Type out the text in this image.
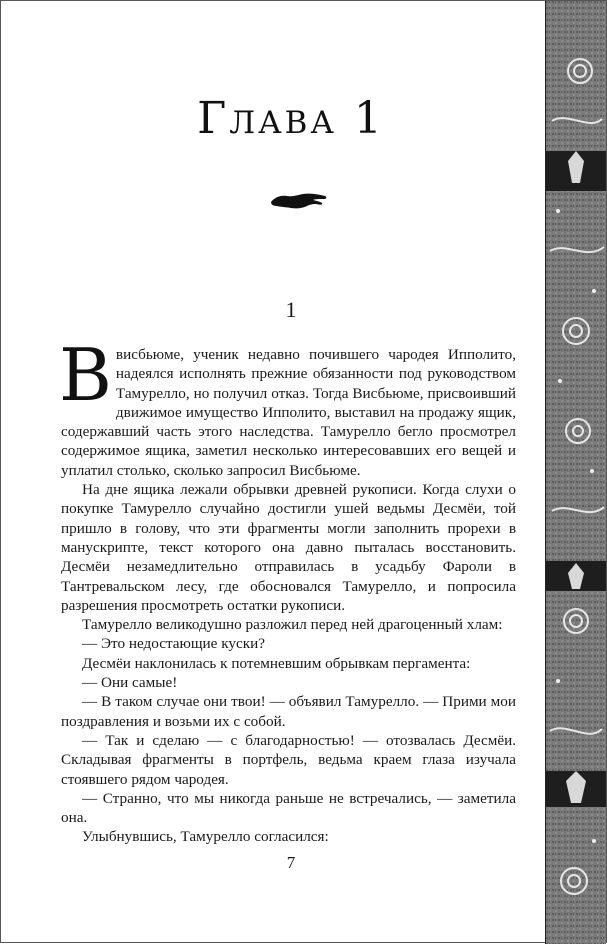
Глава 1
1

Ввисбьюме, ученик недавно почившего чародея Ипполито, надеялся исполнять прежние обязанности под руководством Тамурелло, но получил отказ. Тогда Висбьюме, присвоивший движимое имущество Ипполито, выставил на продажу ящик, содержавший часть этого наследства. Тамурелло бегло просмотрел содержимое ящика, заметил несколько интересовавших его вещей и уплатил столько, сколько запросил Висбьюме.

На дне ящика лежали обрывки древней рукописи. Когда слухи о покупке Тамурелло случайно достигли ушей ведьмы Десмёи, той пришло в голову, что эти фрагменты могли заполнить прорехи в манускрипте, текст которого она давно пыталась восстановить. Десмёи незамедлительно отправилась в усадьбу Фароли в Тантревальском лесу, где обосновался Тамурелло, и попросила разрешения просмотреть остатки рукописи.

Тамурелло великодушно разложил перед ней драгоценный хлам:

— Это недостающие куски?

Десмёи наклонилась к потемневшим обрывкам пергамента:

— Они самые!

— В таком случае они твои! — объявил Тамурелло. — Прими мои поздравления и возьми их с собой.

— Так и сделаю — с благодарностью! — отозвалась Десмёи. Складывая фрагменты в портфель, ведьма краем глаза изучала стоявшего рядом чародея.

— Странно, что мы никогда раньше не встречались, — заметила она.

Улыбнувшись, Тамурелло согласился:

7
